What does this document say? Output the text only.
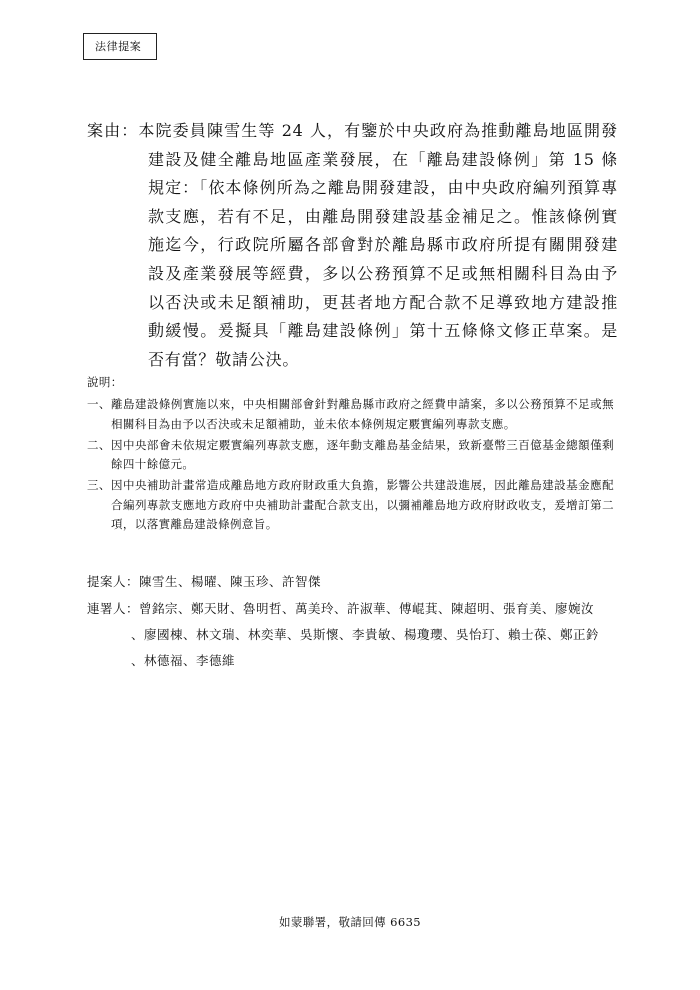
法律提案

案由：本院委員陳雪生等 24 人，有鑒於中央政府為推動離島地區開發建設及健全離島地區產業發展，在「離島建設條例」第 15 條規定：「依本條例所為之離島開發建設，由中央政府編列預算專款支應，若有不足，由離島開發建設基金補足之。惟該條例實施迄今，行政院所屬各部會對於離島縣市政府所提有關開發建設及產業發展等經費，多以公務預算不足或無相關科目為由予以否決或未足額補助，更甚者地方配合款不足導致地方建設推動緩慢。爰擬具「離島建設條例」第十五條條文修正草案。是否有當？敬請公決。

說明：
一、 離島建設條例實施以來，中央相關部會針對離島縣市政府之經費申請案，多以公務預算不足或無相關科目為由予以否決或未足額補助，並未依本條例規定覈實編列專款支應。
二、 因中央部會未依規定覈實編列專款支應，逐年動支離島基金結果，致新臺幣三百億基金總額僅剩餘四十餘億元。
三、 因中央補助計畫常造成離島地方政府財政重大負擔，影響公共建設進展，因此離島建設基金應配合編列專款支應地方政府中央補助計畫配合款支出，以彌補離島地方政府財政收支，爰增訂第二項，以落實離島建設條例意旨。
提案人：陳雪生、楊曜、陳玉珍、許智傑
連署人： 曾銘宗、鄭天財、魯明哲、萬美玲、許淑華、傅崐萁、陳超明、張育美、廖婉汝
、廖國棟、林文瑞、林奕華、吳斯懷、李貴敏、楊瓊瓔、吳怡玎、賴士葆、鄭正鈐
、林德福、李德維
如蒙聯署，敬請回傳 6635
